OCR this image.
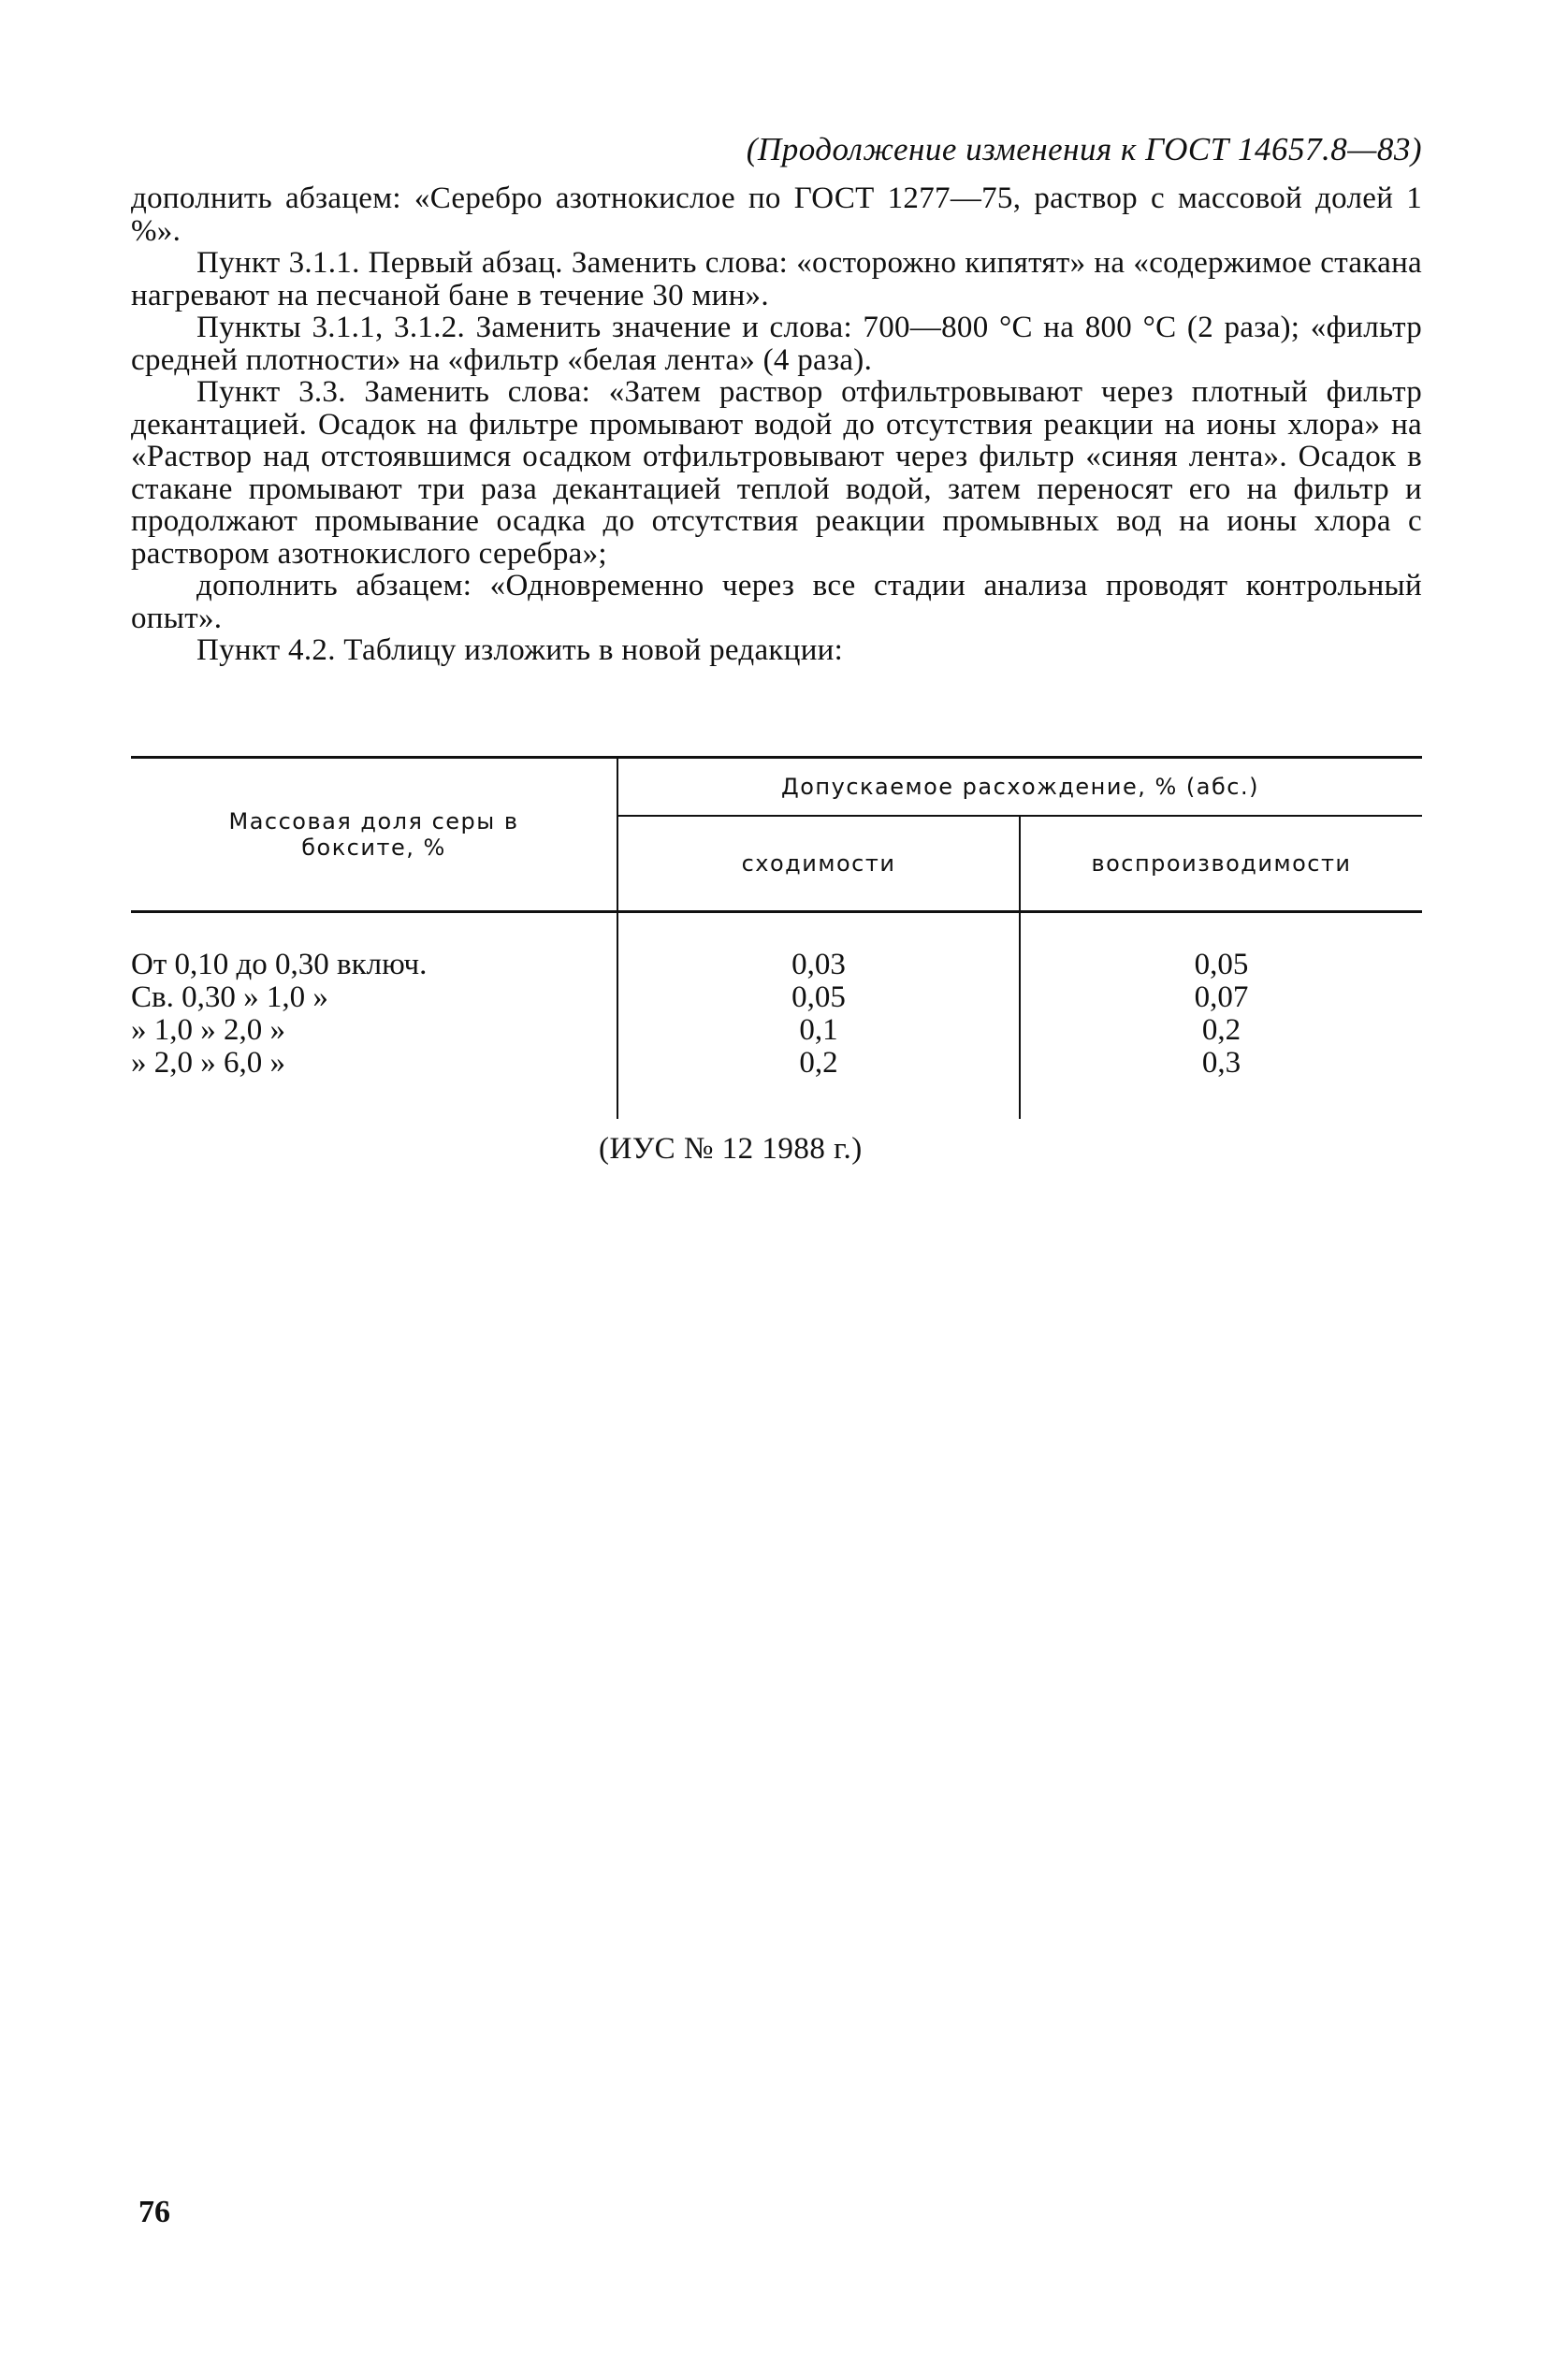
(Продолжение изменения к ГОСТ 14657.8—83)

дополнить абзацем: «Серебро азотнокислое по ГОСТ 1277—75, раствор с массовой долей 1 %».

Пункт 3.1.1. Первый абзац. Заменить слова: «осторожно кипятят» на «содержимое стакана нагревают на песчаной бане в течение 30 мин».

Пункты 3.1.1, 3.1.2. Заменить значение и слова: 700—800 °С на 800 °С (2 раза); «фильтр средней плотности» на «фильтр «белая лента» (4 раза).

Пункт 3.3. Заменить слова: «Затем раствор отфильтровывают через плотный фильтр декантацией. Осадок на фильтре промывают водой до отсутствия реакции на ионы хлора» на «Раствор над отстоявшимся осадком отфильтровывают через фильтр «синяя лента». Осадок в стакане промывают три раза декантацией теплой водой, затем переносят его на фильтр и продолжают промывание осадка до отсутствия реакции промывных вод на ионы хлора с раствором азотнокислого серебра»;

дополнить абзацем: «Одновременно через все стадии анализа проводят контрольный опыт».

Пункт 4.2. Таблицу изложить в новой редакции:

Массовая доля серы в боксите, %	Допускаемое расхождение, % (абс.)	
	сходимости	воспроизводимости

От 0,10 до 0,30 включ.	0,03	0,05
Св. 0,30 » 1,0 »	0,05	0,07
» 1,0 » 2,0 »	0,1	0,2
» 2,0 » 6,0 »	0,2	0,3

(ИУС № 12 1988 г.)
76
